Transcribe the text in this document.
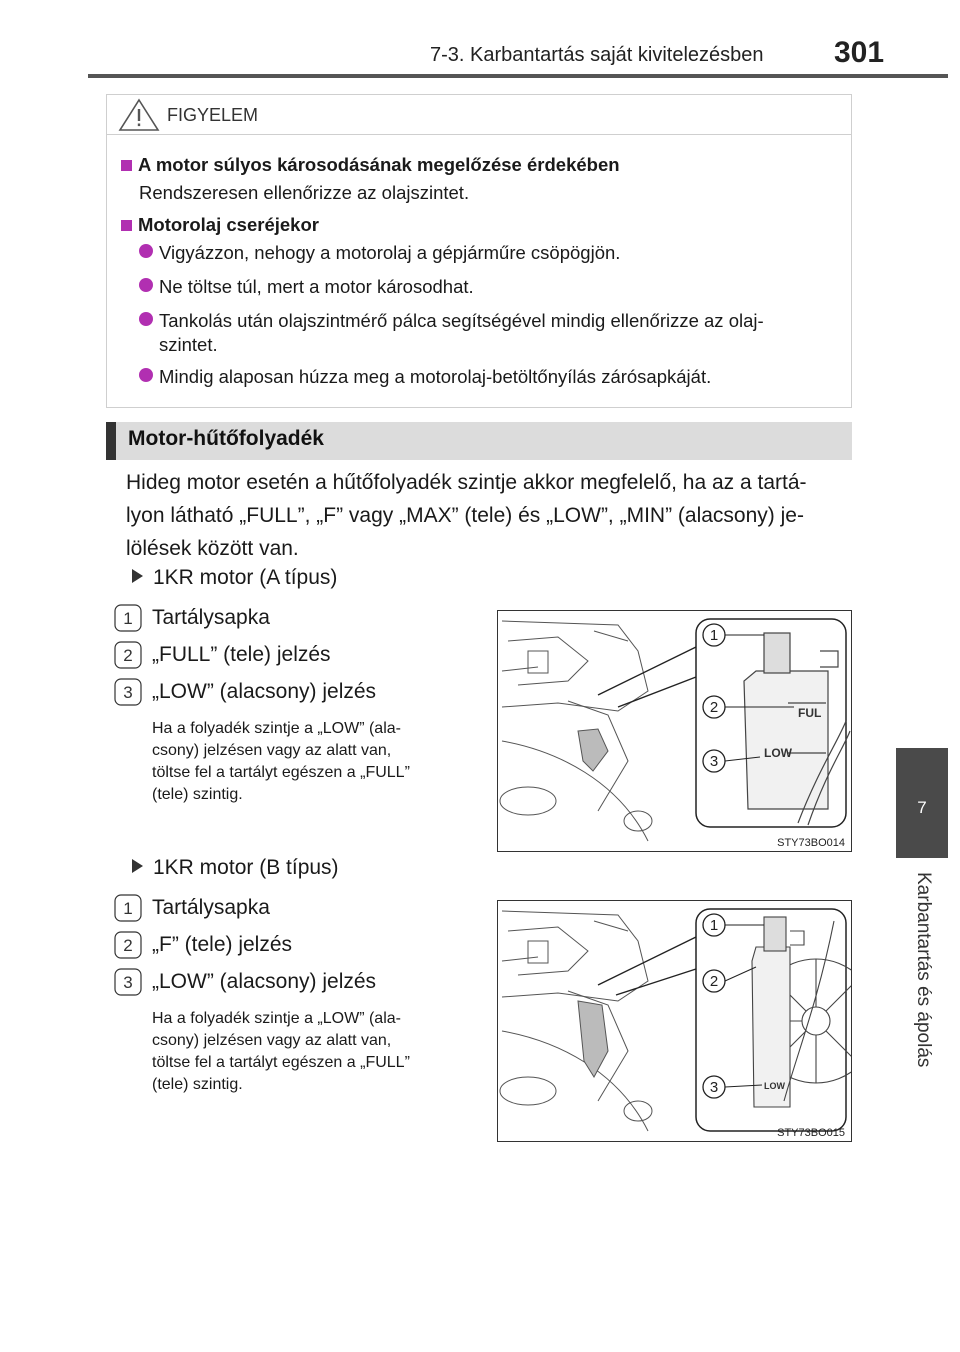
7-3. Karbantartás saját kivitelezésben 301
7
Karbantartás és ápolás
FIGYELEM
A motor súlyos károsodásának megelőzése érdekében
Rendszeresen ellenőrizze az olajszintet.
Motorolaj cseréjekor
Vigyázzon, nehogy a motorolaj a gépjárműre csöpögjön.
Ne töltse túl, mert a motor károsodhat.
Tankolás után olajszintmérő pálca segítségével mindig ellenőrizze az olaj-
szintet.
Mindig alaposan húzza meg a motorolaj-betöltőnyílás zárósapkáját.
Motor-hűtőfolyadék
Hideg motor esetén a hűtőfolyadék szintje akkor megfelelő, ha az a tartá-
lyon látható „FULL”, „F” vagy „MAX” (tele) és „LOW”, „MIN” (alacsony) je-
lölések között van.
1KR motor (A típus)
1 Tartálysapka
2 „FULL” (tele) jelzés
3 „LOW” (alacsony) jelzés
Ha a folyadék szintje a „LOW” (ala-
csony) jelzésen vagy az alatt van,
töltse fel a tartályt egészen a „FULL”
(tele) szintig.
FUL
LOW
1
2
3
STY73BO014
1KR motor (B típus)
1 Tartálysapka
2 „F” (tele) jelzés
3 „LOW” (alacsony) jelzés
Ha a folyadék szintje a „LOW” (ala-
csony) jelzésen vagy az alatt van,
töltse fel a tartályt egészen a „FULL”
(tele) szintig.	LOW
1
2
3
STY73BO015
